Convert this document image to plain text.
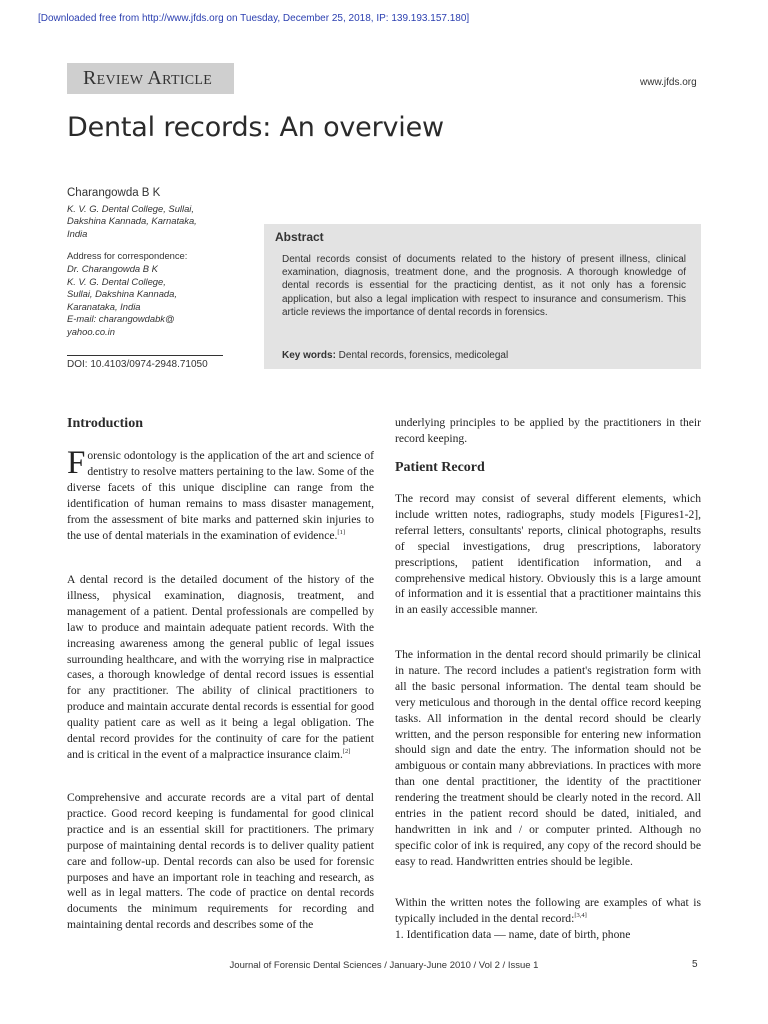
[Downloaded free from http://www.jfds.org on Tuesday, December 25, 2018, IP: 139.193.157.180]
Review Article	www.jfds.org
Dental records: An overview
Charangowda B K
K. V. G. Dental College, Sullai,
Dakshina Kannada, Karnataka,
India
Address for correspondence:
Dr. Charangowda B K
K. V. G. Dental College,
Sullai, Dakshina Kannada,
Karanataka, India
E-mail: charangowdabk@
yahoo.co.in
DOI: 10.4103/0974-2948.71050
Abstract
Dental records consist of documents related to the history of present illness, clinical examination, diagnosis, treatment done, and the prognosis. A thorough knowledge of dental records is essential for the practicing dentist, as it not only has a forensic application, but also a legal implication with respect to insurance and consumerism. This article reviews the importance of dental records in forensics.
Key words: Dental records, forensics, medicolegal
Introduction
Forensic odontology is the application of the art and science of dentistry to resolve matters pertaining to the law. Some of the diverse facets of this unique discipline can range from the identification of human remains to mass disaster management, from the assessment of bite marks and patterned skin injuries to the use of dental materials in the examination of evidence.[1]
A dental record is the detailed document of the history of the illness, physical examination, diagnosis, treatment, and management of a patient. Dental professionals are compelled by law to produce and maintain adequate patient records. With the increasing awareness among the general public of legal issues surrounding healthcare, and with the worrying rise in malpractice cases, a thorough knowledge of dental record issues is essential for any practitioner. The ability of clinical practitioners to produce and maintain accurate dental records is essential for good quality patient care as well as it being a legal obligation. The dental record provides for the continuity of care for the patient and is critical in the event of a malpractice insurance claim.[2]
Comprehensive and accurate records are a vital part of dental practice. Good record keeping is fundamental for good clinical practice and is an essential skill for practitioners. The primary purpose of maintaining dental records is to deliver quality patient care and follow-up. Dental records can also be used for forensic purposes and have an important role in teaching and research, as well as in legal matters. The code of practice on dental records documents the minimum requirements for recording and maintaining dental records and describes some of the
underlying principles to be applied by the practitioners in their record keeping.
Patient Record
The record may consist of several different elements, which include written notes, radiographs, study models [Figures1-2], referral letters, consultants' reports, clinical photographs, results of special investigations, drug prescriptions, laboratory prescriptions, patient identification information, and a comprehensive medical history. Obviously this is a large amount of information and it is essential that a practitioner maintains this in an easily accessible manner.
The information in the dental record should primarily be clinical in nature. The record includes a patient's registration form with all the basic personal information. The dental team should be very meticulous and thorough in the dental office record keeping tasks. All information in the dental record should be clearly written, and the person responsible for entering new information should sign and date the entry. The information should not be ambiguous or contain many abbreviations. In practices with more than one dental practitioner, the identity of the practitioner rendering the treatment should be clearly noted in the record. All entries in the patient record should be dated, initialed, and handwritten in ink and / or computer printed. Although no specific color of ink is required, any copy of the record should be easy to read. Handwritten entries should be legible.
Within the written notes the following are examples of what is typically included in the dental record:[3,4]
1. Identification data — name, date of birth, phone
Journal of Forensic Dental Sciences / January-June 2010 / Vol 2 / Issue 1	5
